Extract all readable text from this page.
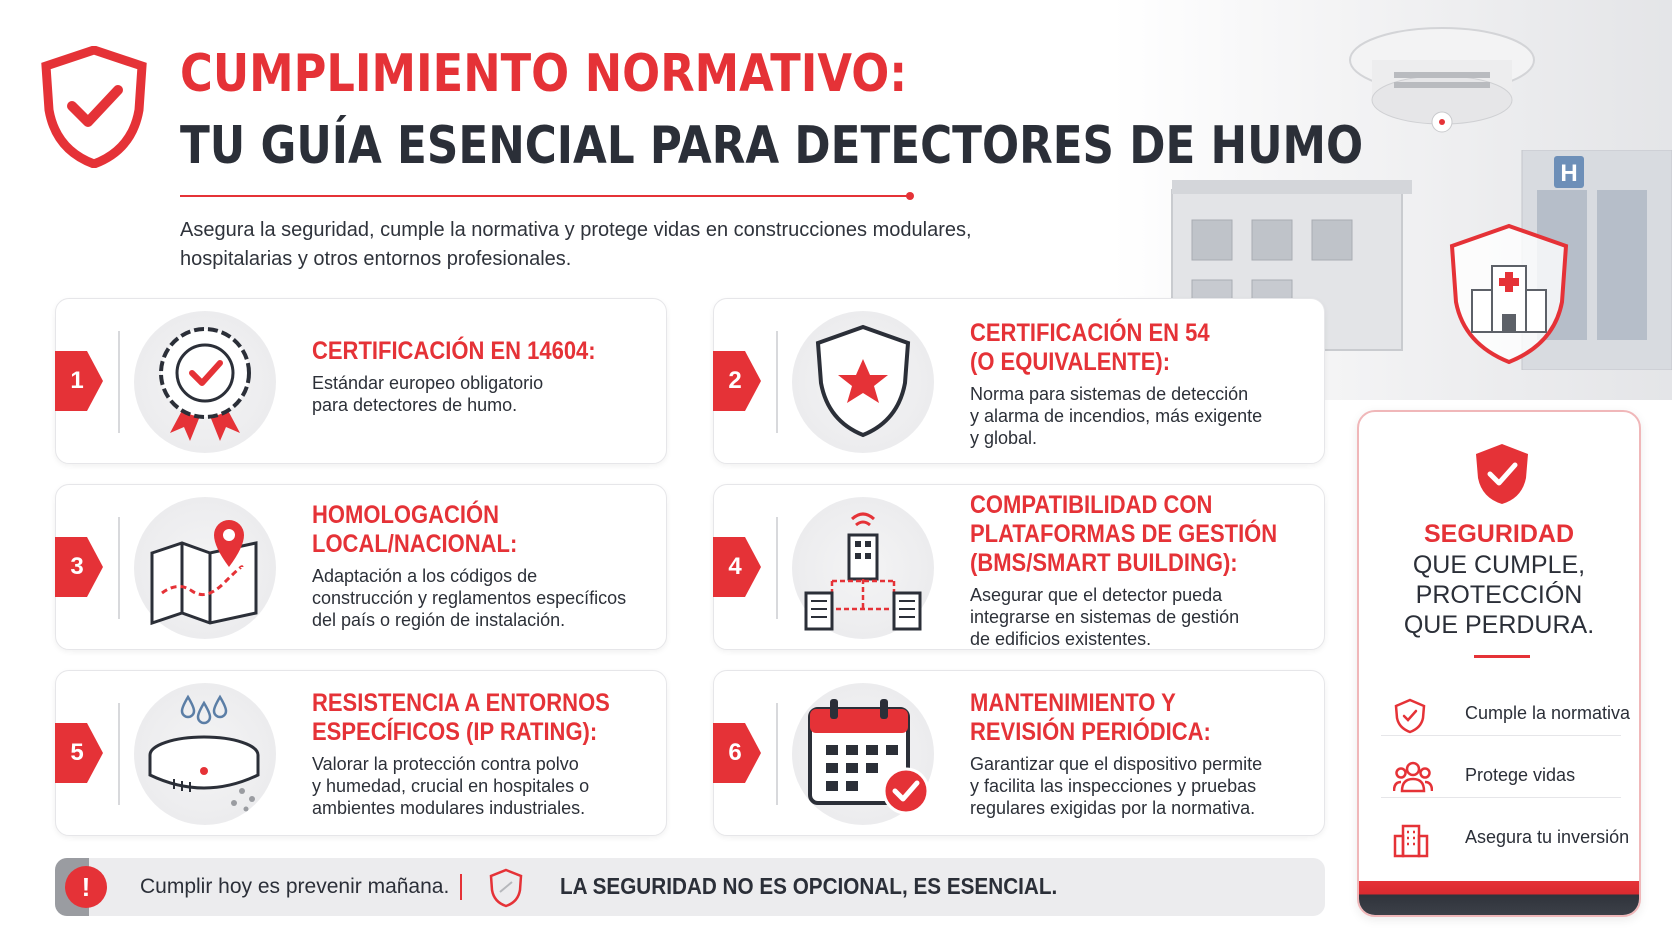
H
CUMPLIMIENTO NORMATIVO:
TU GUÍA ESENCIAL PARA DETECTORES DE HUMO
Asegura la seguridad, cumple la normativa y protege vidas en construcciones modulares, hospitalarias y otros entornos profesionales.
1
CERTIFICACIÓN EN 14604:
Estándar europeo obligatorio
para detectores de humo.
2
CERTIFICACIÓN EN 54
(O EQUIVALENTE):
Norma para sistemas de detección
y alarma de incendios, más exigente
y global.
3
HOMOLOGACIÓN
LOCAL/NACIONAL:
Adaptación a los códigos de
construcción y reglamentos específicos
del país o región de instalación.
4
COMPATIBILIDAD CON
PLATAFORMAS DE GESTIÓN
(BMS/SMART BUILDING):
Asegurar que el detector pueda
integrarse en sistemas de gestión
de edificios existentes.
5
RESISTENCIA A ENTORNOS
ESPECÍFICOS (IP RATING):
Valorar la protección contra polvo
y humedad, crucial en hospitales o
ambientes modulares industriales.
6
MANTENIMIENTO Y
REVISIÓN PERIÓDICA:
Garantizar que el dispositivo permite
y facilita las inspecciones y pruebas
regulares exigidas por la normativa.
SEGURIDAD
QUE CUMPLE,
PROTECCIÓN
QUE PERDURA.
Cumple la normativa
Protege vidas
Asegura tu inversión
!	Cumplir hoy es prevenir mañana.	LA SEGURIDAD NO ES OPCIONAL, ES ESENCIAL.
